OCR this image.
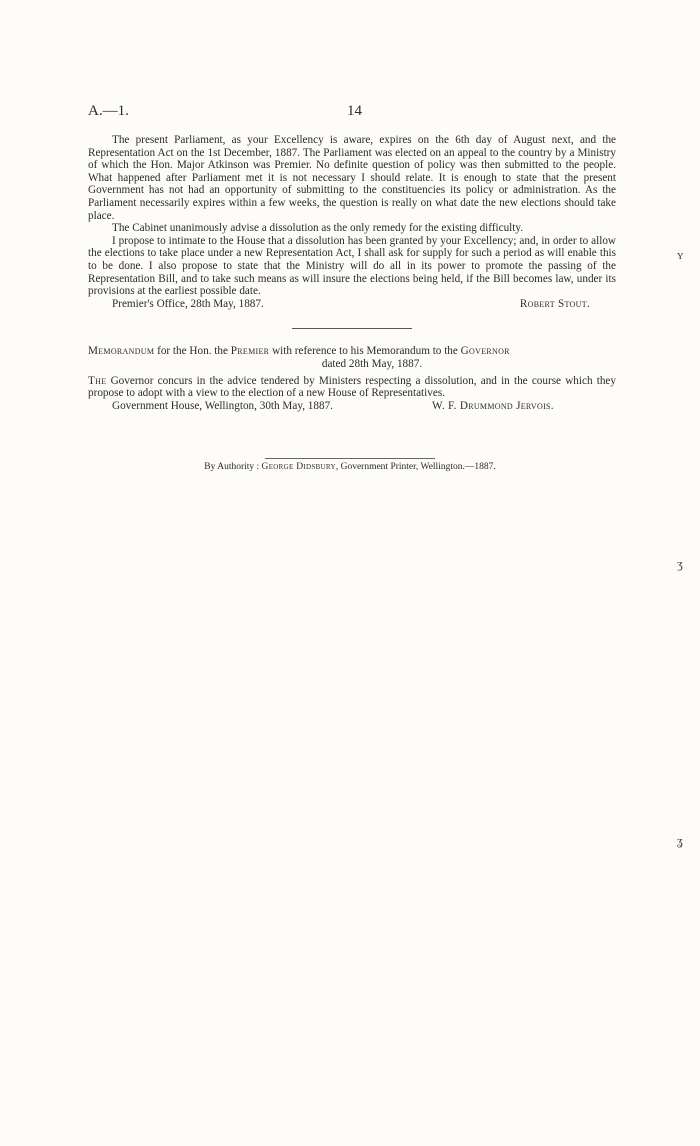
A.—1.	14

The present Parliament, as your Excellency is aware, expires on the 6th day of August next, and the Representation Act on the 1st December, 1887. The Parliament was elected on an appeal to the country by a Ministry of which the Hon. Major Atkinson was Premier. No definite question of policy was then submitted to the people. What happened after Parliament met it is not necessary I should relate. It is enough to state that the present Government has not had an opportunity of submitting to the constituencies its policy or administration. As the Parliament necessarily expires within a few weeks, the question is really on what date the new elections should take place.

The Cabinet unanimously advise a dissolution as the only remedy for the existing difficulty.

I propose to intimate to the House that a dissolution has been granted by your Excellency; and, in order to allow the elections to take place under a new Representation Act, I shall ask for supply for such a period as will enable this to be done. I also propose to state that the Ministry will do all in its power to promote the passing of the Representation Bill, and to take such means as will insure the elections being held, if the Bill becomes law, under its provisions at the earliest possible date.

Premier's Office, 28th May, 1887.	Robert Stout.

Memorandum for the Hon. the Premier with reference to his Memorandum to the Governor

dated 28th May, 1887.

The Governor concurs in the advice tendered by Ministers respecting a dissolution, and in the course which they propose to adopt with a view to the election of a new House of Representatives.

Government House, Wellington, 30th May, 1887.	W. F. Drummond Jervois.
By Authority : George Didsbury, Government Printer, Wellington.—1887.
ʏ
ʒ
ʓ
